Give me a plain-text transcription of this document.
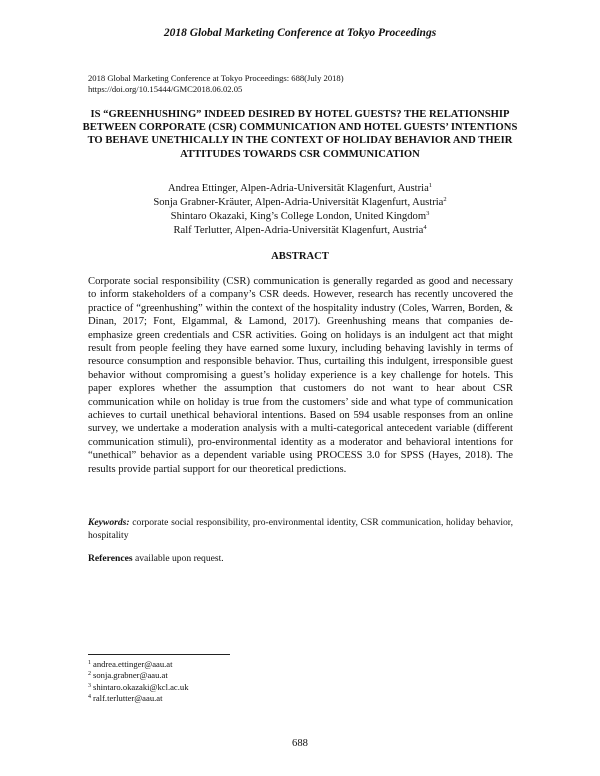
2018 Global Marketing Conference at Tokyo Proceedings
2018 Global Marketing Conference at Tokyo Proceedings: 688(July 2018)
https://doi.org/10.15444/GMC2018.06.02.05
IS “GREENHUSHING” INDEED DESIRED BY HOTEL GUESTS? THE RELATIONSHIP BETWEEN CORPORATE (CSR) COMMUNICATION AND HOTEL GUESTS’ INTENTIONS TO BEHAVE UNETHICALLY IN THE CONTEXT OF HOLIDAY BEHAVIOR AND THEIR ATTITUDES TOWARDS CSR COMMUNICATION
Andrea Ettinger, Alpen-Adria-Universität Klagenfurt, Austria$^1$
Sonja Grabner-Kräuter, Alpen-Adria-Universität Klagenfurt, Austria$^2$
Shintaro Okazaki, King’s College London, United Kingdom$^3$
Ralf Terlutter, Alpen-Adria-Universität Klagenfurt, Austria$^4$
ABSTRACT

Corporate social responsibility (CSR) communication is generally regarded as good and necessary to inform stakeholders of a company’s CSR deeds. However, research has recently uncovered the practice of “greenhushing” within the context of the hospitality industry (Coles, Warren, Borden, & Dinan, 2017; Font, Elgammal, & Lamond, 2017). Greenhushing means that companies de-emphasize green credentials and CSR activities. Going on holidays is an indulgent act that might result from people feeling they have earned some luxury, including behaving lavishly in terms of resource consumption and responsible behavior. Thus, curtailing this indulgent, irresponsible guest behavior without compromising a guest’s holiday experience is a key challenge for hotels. This paper explores whether the assumption that customers do not want to hear about CSR communication while on holiday is true from the customers’ side and what type of communication achieves to curtail unethical behavioral intentions. Based on 594 usable responses from an online survey, we undertake a moderation analysis with a multi-categorical antecedent variable (different communication stimuli), pro-environmental identity as a moderator and behavioral intentions for “unethical” behavior as a dependent variable using PROCESS 3.0 for SPSS (Hayes, 2018). The results provide partial support for our theoretical predictions.

Keywords: corporate social responsibility, pro-environmental identity, CSR communication, holiday behavior, hospitality

References available upon request.

$^1$ andrea.ettinger@aau.at
$^2$ sonja.grabner@aau.at
$^3$ shintaro.okazaki@kcl.ac.uk
$^4$ ralf.terlutter@aau.at
688
